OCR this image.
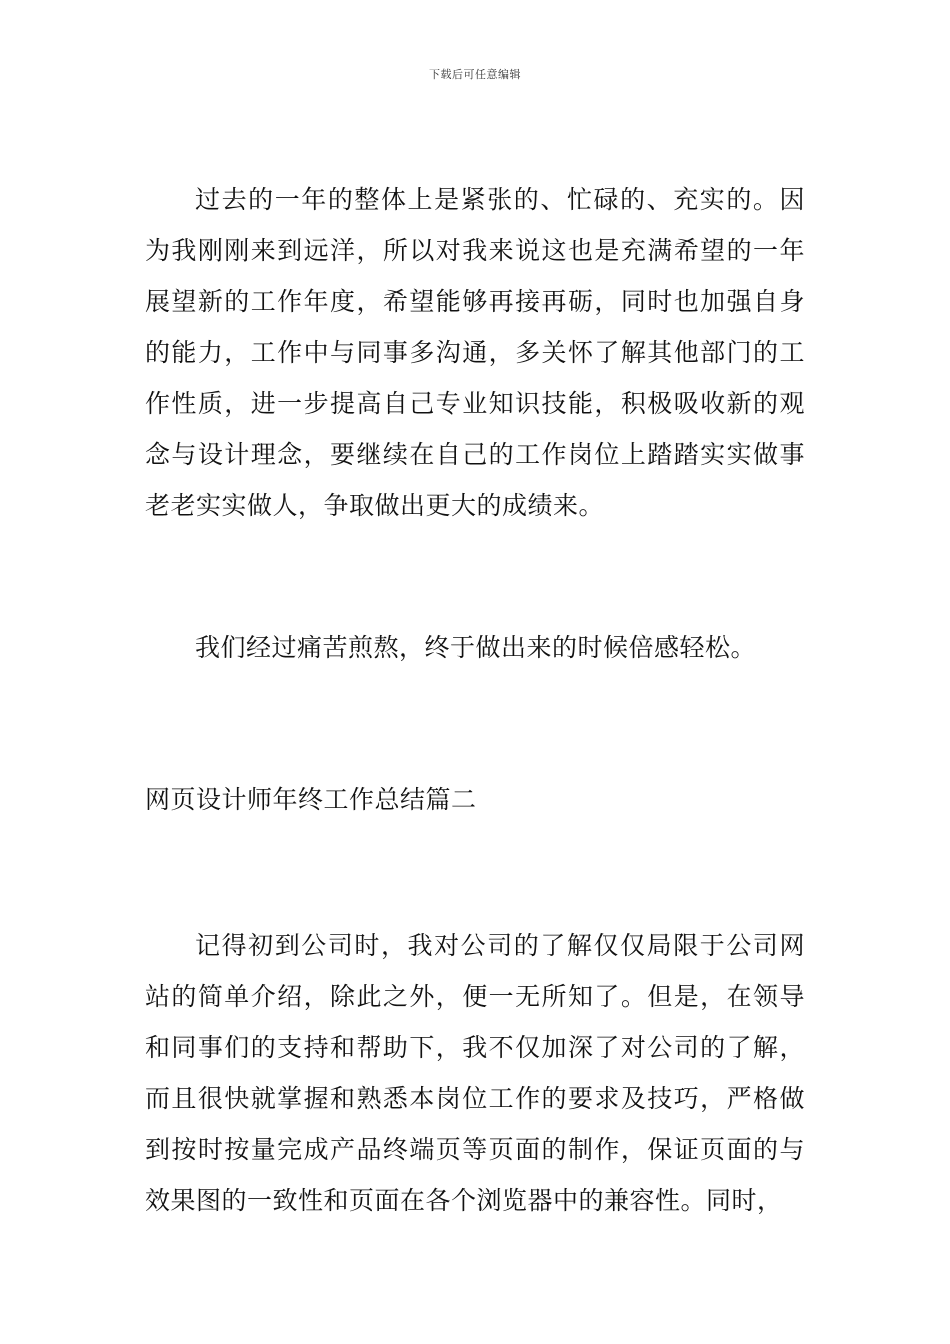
下载后可任意编辑

过去的一年的整体上是紧张的、忙碌的、充实的。因为我刚刚来到远洋，所以对我来说这也是充满希望的一年展望新的工作年度，希望能够再接再砺，同时也加强自身的能力，工作中与同事多沟通，多关怀了解其他部门的工作性质，进一步提高自己专业知识技能，积极吸收新的观念与设计理念，要继续在自己的工作岗位上踏踏实实做事老老实实做人，争取做出更大的成绩来。

我们经过痛苦煎熬，终于做出来的时候倍感轻松。

网页设计师年终工作总结篇二

记得初到公司时，我对公司的了解仅仅局限于公司网站的简单介绍，除此之外，便一无所知了。但是，在领导和同事们的支持和帮助下，我不仅加深了对公司的了解，而且很快就掌握和熟悉本岗位工作的要求及技巧，严格做到按时按量完成产品终端页等页面的制作，保证页面的与效果图的一致性和页面在各个浏览器中的兼容性。同时，
